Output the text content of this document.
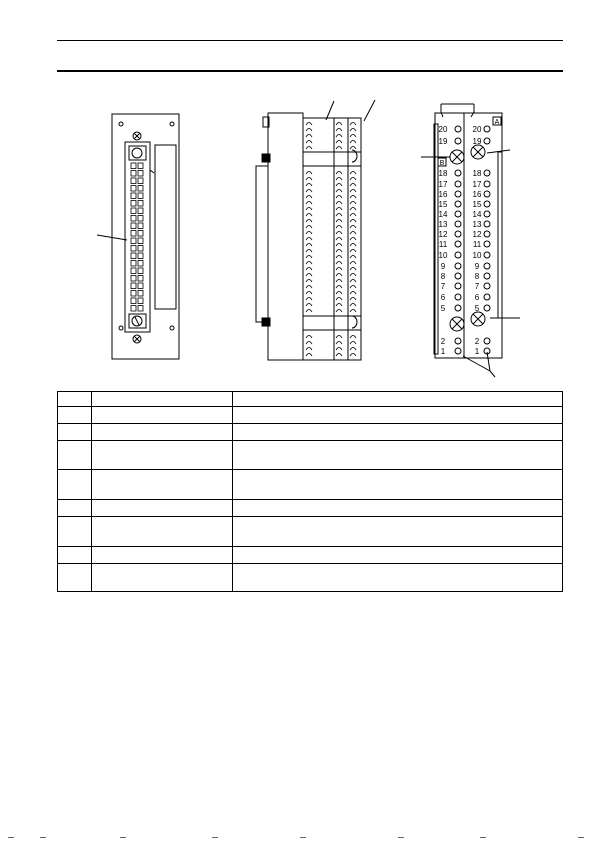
A
B
20
19
18
17
16
15
14
13
12
11
10
9
8
7
6
5
2
1
20
19
18
17
16
15
14
13
12
11
10
9
8
7
6
5
2
1
